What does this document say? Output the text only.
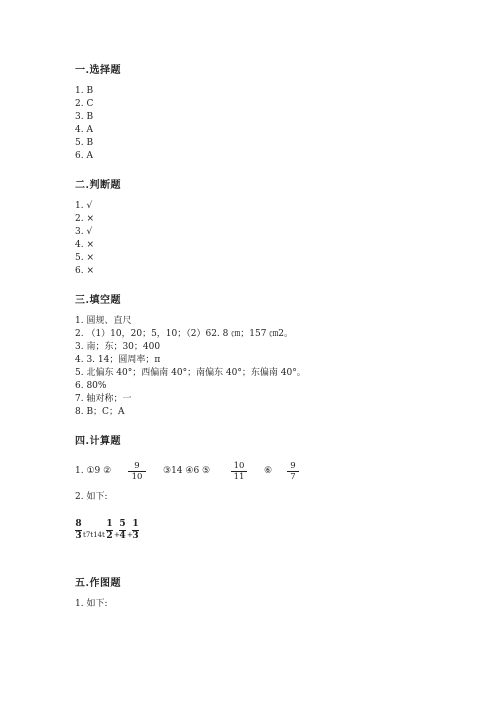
一.选择题
1. B
2. C
3. B
4. A
5. B
6. A
二.判断题
1. √
2. ×
3. √
4. ×
5. ×
6. ×
三.填空题
1. 圆规、直尺
2. （1）10，20；5，10；（2）62. 8 ㎝；157 ㎝2。
3. 南；东；30；400
4. 3. 14；圆周率；π
5. 北偏东 40°；西偏南 40°；南偏东 40°；东偏南 40°。
6. 80%
7. 轴对称；一
8. B；C；A
四.计算题
1. ①9 ② $\frac{9}{10}$ ③14 ④6 ⑤ $\frac{10}{11}$ ⑥ $\frac{9}{7}$
2. 如下:
$\frac{8}{3} t7t14t \frac{1}{2} + \frac{5}{4} + \frac{1}{3}$
五.作图题
1. 如下:
